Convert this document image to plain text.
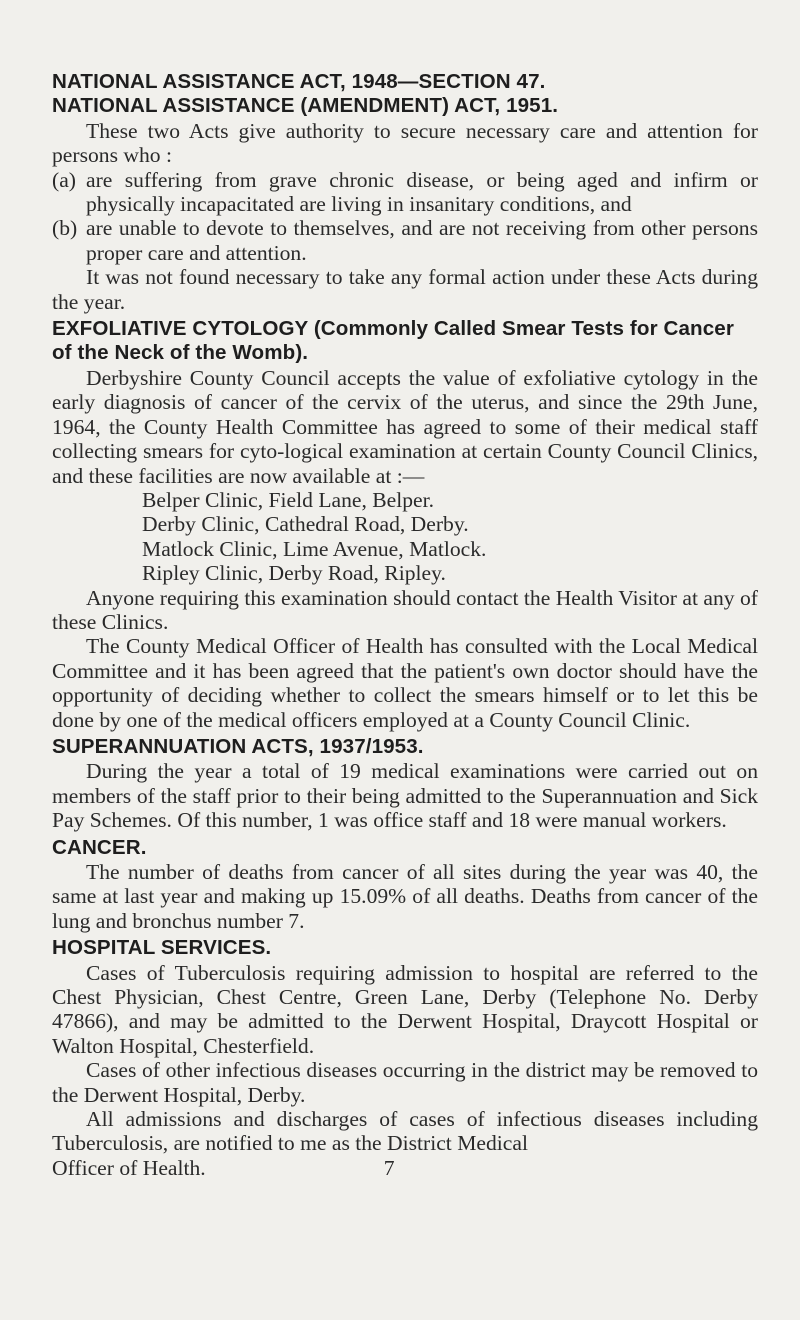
NATIONAL ASSISTANCE ACT, 1948—SECTION 47.
NATIONAL ASSISTANCE (AMENDMENT) ACT, 1951.
These two Acts give authority to secure necessary care and attention for persons who :
(a) are suffering from grave chronic disease, or being aged and infirm or physically incapacitated are living in insanitary conditions, and
(b) are unable to devote to themselves, and are not receiving from other persons proper care and attention.
It was not found necessary to take any formal action under these Acts during the year.
EXFOLIATIVE CYTOLOGY (Commonly Called Smear Tests for Cancer of the Neck of the Womb).
Derbyshire County Council accepts the value of exfoliative cytology in the early diagnosis of cancer of the cervix of the uterus, and since the 29th June, 1964, the County Health Committee has agreed to some of their medical staff collecting smears for cyto-logical examination at certain County Council Clinics, and these facilities are now available at :—
Belper Clinic, Field Lane, Belper.
Derby Clinic, Cathedral Road, Derby.
Matlock Clinic, Lime Avenue, Matlock.
Ripley Clinic, Derby Road, Ripley.
Anyone requiring this examination should contact the Health Visitor at any of these Clinics.
The County Medical Officer of Health has consulted with the Local Medical Committee and it has been agreed that the patient's own doctor should have the opportunity of deciding whether to collect the smears himself or to let this be done by one of the medical officers employed at a County Council Clinic.
SUPERANNUATION ACTS, 1937/1953.
During the year a total of 19 medical examinations were carried out on members of the staff prior to their being admitted to the Superannuation and Sick Pay Schemes. Of this number, 1 was office staff and 18 were manual workers.
CANCER.
The number of deaths from cancer of all sites during the year was 40, the same at last year and making up 15.09% of all deaths. Deaths from cancer of the lung and bronchus number 7.
HOSPITAL SERVICES.
Cases of Tuberculosis requiring admission to hospital are referred to the Chest Physician, Chest Centre, Green Lane, Derby (Telephone No. Derby 47866), and may be admitted to the Derwent Hospital, Draycott Hospital or Walton Hospital, Chesterfield.
Cases of other infectious diseases occurring in the district may be removed to the Derwent Hospital, Derby.
All admissions and discharges of cases of infectious diseases including Tuberculosis, are notified to me as the District Medical
Officer of Health.	7
